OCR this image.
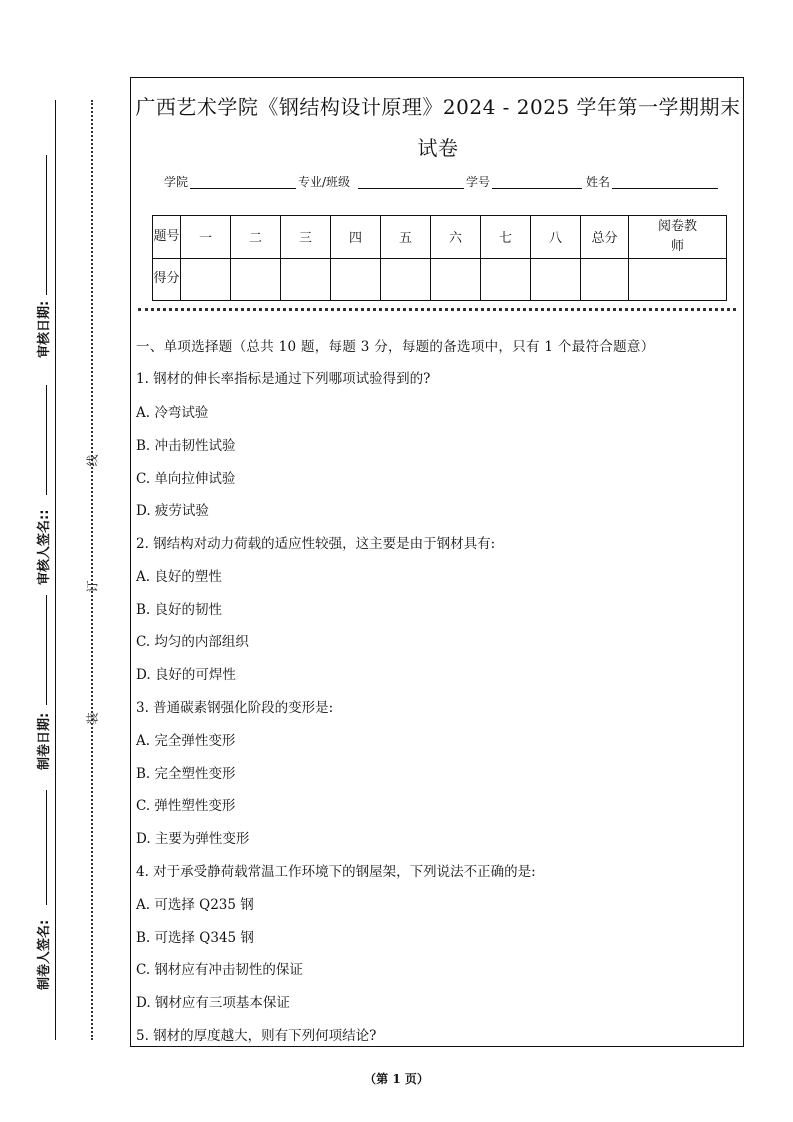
审核日期:
审核人签名::
制卷日期:
制卷人签名:
线
订
装
广西艺术学院《钢结构设计原理》2024 - 2025 学年第一学期期末
试卷
学院	专业/班级	学号	姓名
题号	一	二	三	四	五	六	七	八	总分	阅卷教师
得分										
一、单项选择题（总共 10 题，每题 3 分，每题的备选项中，只有 1 个最符合题意）
1. 钢材的伸长率指标是通过下列哪项试验得到的?
A. 冷弯试验
B. 冲击韧性试验
C. 单向拉伸试验
D. 疲劳试验
2. 钢结构对动力荷载的适应性较强，这主要是由于钢材具有:
A. 良好的塑性
B. 良好的韧性
C. 均匀的内部组织
D. 良好的可焊性
3. 普通碳素钢强化阶段的变形是:
A. 完全弹性变形
B. 完全塑性变形
C. 弹性塑性变形
D. 主要为弹性变形
4. 对于承受静荷载常温工作环境下的钢屋架，下列说法不正确的是:
A. 可选择 Q235 钢
B. 可选择 Q345 钢
C. 钢材应有冲击韧性的保证
D. 钢材应有三项基本保证
5. 钢材的厚度越大，则有下列何项结论?
（第 1 页）
